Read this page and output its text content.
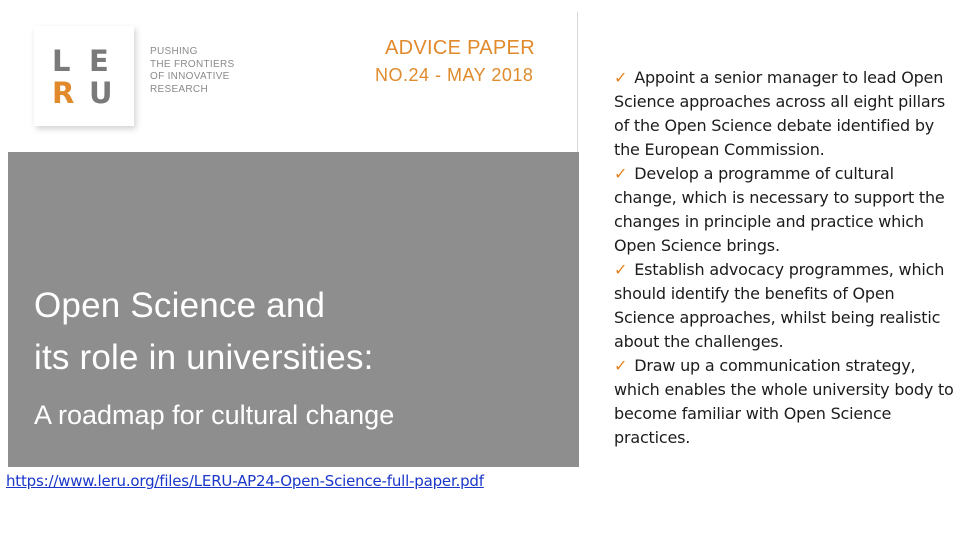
L E
R U
PUSHING
THE FRONTIERS
OF INNOVATIVE
RESEARCH
ADVICE PAPER
NO.24 - MAY 2018
Open Science and
its role in universities:
A roadmap for cultural change
https://www.leru.org/files/LERU-AP24-Open-Science-full-paper.pdf
✓ Appoint a senior manager to lead Open Science approaches across all eight pillars of the Open Science debate identified by the European Commission.
✓ Develop a programme of cultural change, which is necessary to support the changes in principle and practice which Open Science brings.
✓ Establish advocacy programmes, which should identify the benefits of Open Science approaches, whilst being realistic about the challenges.
✓ Draw up a communication strategy, which enables the whole university body to become familiar with Open Science practices.
